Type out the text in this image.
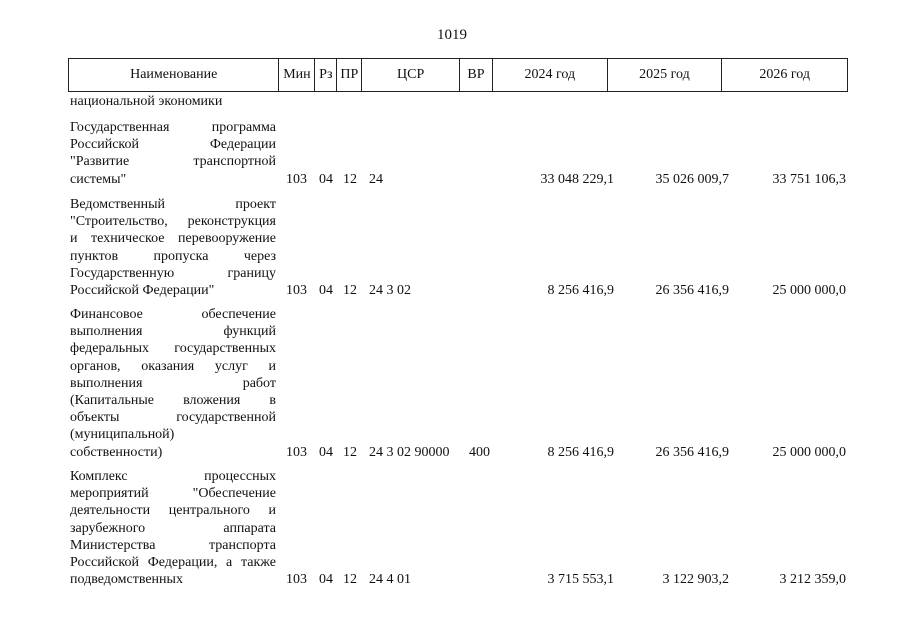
1019
Наименование	Мин Рз ПР	ЦСР	ВР	2024 год	2025 год	2026 год
национальной экономики
Государственная программа
Российской Федерации
"Развитие транспортной
системы"	103 04 12 24	33 048 229,1	35 026 009,7	33 751 106,3
Ведомственный проект
"Строительство, реконструкция
и техническое перевооружение
пунктов пропуска через
Государственную границу
Российской Федерации"	103 04 12 24 3 02	8 256 416,9	26 356 416,9	25 000 000,0
Финансовое обеспечение
выполнения функций
федеральных государственных
органов, оказания услуг и
выполнения работ
(Капитальные вложения в
объекты государственной
(муниципальной)
собственности)	103 04 12 24 3 02 90000 400	8 256 416,9	26 356 416,9	25 000 000,0
Комплекс процессных
мероприятий "Обеспечение
деятельности центрального и
зарубежного аппарата
Министерства транспорта
Российской Федерации, а также
подведомственных	103 04 12 24 4 01	3 715 553,1	3 122 903,2	3 212 359,0
